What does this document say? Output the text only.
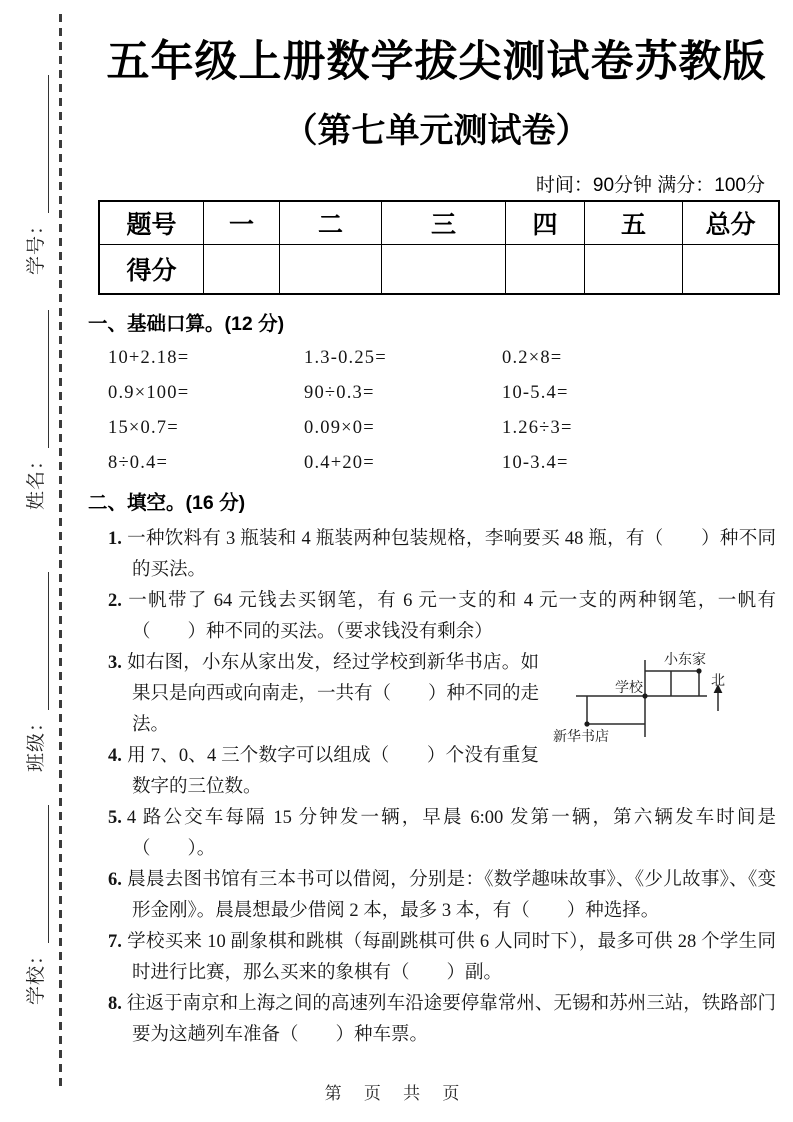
学号：
姓名：
班级：
学校：
五年级上册数学拔尖测试卷苏教版
（第七单元测试卷）
时间：90分钟 满分：100分
题号	一	二	三	四	五	总分
得分						
一、基础口算。(12 分)
10+2.18=	1.3-0.25=	0.2×8=
0.9×100=	90÷0.3=	10-5.4=
15×0.7=	0.09×0=	1.26÷3=
8÷0.4=	0.4+20=	10-3.4=
二、填空。(16 分)
1. 一种饮料有 3 瓶装和 4 瓶装两种包装规格，李响要买 48 瓶，有（　　）种不同的买法。
2. 一帆带了 64 元钱去买钢笔，有 6 元一支的和 4 元一支的两种钢笔，一帆有（　　）种不同的买法。（要求钱没有剩余）
小东家
学校
新华书店
北
3. 如右图，小东从家出发，经过学校到新华书店。如果只是向西或向南走，一共有（　　）种不同的走法。
4. 用 7、0、4 三个数字可以组成（　　）个没有重复数字的三位数。
5. 4 路公交车每隔 15 分钟发一辆，早晨 6:00 发第一辆，第六辆发车时间是（　　）。
6. 晨晨去图书馆有三本书可以借阅，分别是：《数学趣味故事》、《少儿故事》、《变形金刚》。晨晨想最少借阅 2 本，最多 3 本，有（　　）种选择。
7. 学校买来 10 副象棋和跳棋（每副跳棋可供 6 人同时下），最多可供 28 个学生同时进行比赛，那么买来的象棋有（　　）副。
8. 往返于南京和上海之间的高速列车沿途要停靠常州、无锡和苏州三站，铁路部门要为这趟列车准备（　　）种车票。
第 页 共 页
